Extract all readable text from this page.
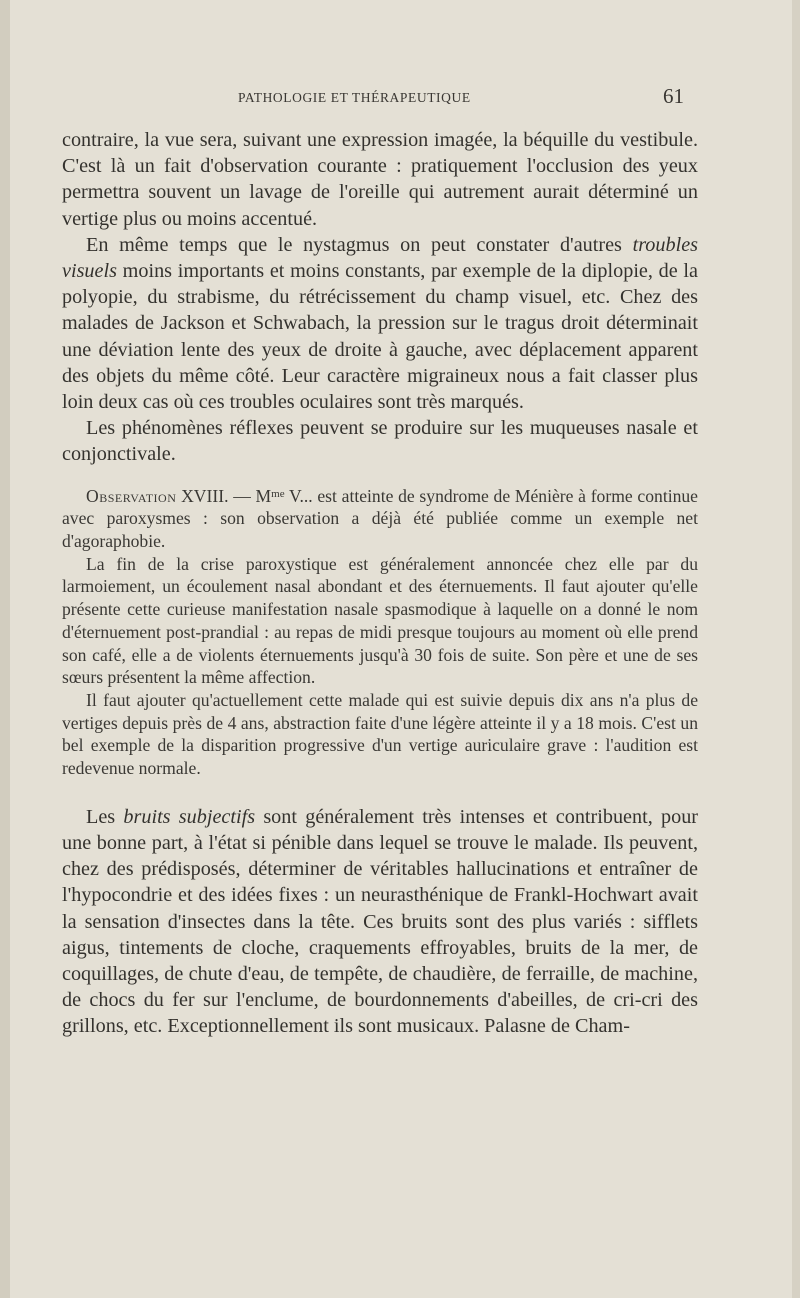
PATHOLOGIE ET THÉRAPEUTIQUE	61

contraire, la vue sera, suivant une expression imagée, la béquille du vestibule. C'est là un fait d'observation courante : pratiquement l'occlusion des yeux permettra souvent un lavage de l'oreille qui autrement aurait déterminé un vertige plus ou moins accentué.

En même temps que le nystagmus on peut constater d'autres troubles visuels moins importants et moins constants, par exemple de la diplopie, de la polyopie, du strabisme, du rétrécissement du champ visuel, etc. Chez des malades de Jackson et Schwabach, la pression sur le tragus droit déterminait une déviation lente des yeux de droite à gauche, avec déplacement apparent des objets du même côté. Leur caractère migraineux nous a fait classer plus loin deux cas où ces troubles oculaires sont très marqués.

Les phénomènes réflexes peuvent se produire sur les muqueuses nasale et conjonctivale.

Observation XVIII. — $M^{me}$ V... est atteinte de syndrome de Ménière à forme continue avec paroxysmes : son observation a déjà été publiée comme un exemple net d'agoraphobie.

La fin de la crise paroxystique est généralement annoncée chez elle par du larmoiement, un écoulement nasal abondant et des éternuements. Il faut ajouter qu'elle présente cette curieuse manifestation nasale spasmodique à laquelle on a donné le nom d'éternuement post-prandial : au repas de midi presque toujours au moment où elle prend son café, elle a de violents éternuements jusqu'à 30 fois de suite. Son père et une de ses sœurs présentent la même affection.

Il faut ajouter qu'actuellement cette malade qui est suivie depuis dix ans n'a plus de vertiges depuis près de 4 ans, abstraction faite d'une légère atteinte il y a 18 mois. C'est un bel exemple de la disparition progressive d'un vertige auriculaire grave : l'audition est redevenue normale.

Les bruits subjectifs sont généralement très intenses et contribuent, pour une bonne part, à l'état si pénible dans lequel se trouve le malade. Ils peuvent, chez des prédisposés, déterminer de véritables hallucinations et entraîner de l'hypocondrie et des idées fixes : un neurasthénique de Frankl-Hochwart avait la sensation d'insectes dans la tête. Ces bruits sont des plus variés : sifflets aigus, tintements de cloche, craquements effroyables, bruits de la mer, de coquillages, de chute d'eau, de tempête, de chaudière, de ferraille, de machine, de chocs du fer sur l'enclume, de bourdonnements d'abeilles, de cri-cri des grillons, etc. Exceptionnellement ils sont musicaux. Palasne de Cham-
